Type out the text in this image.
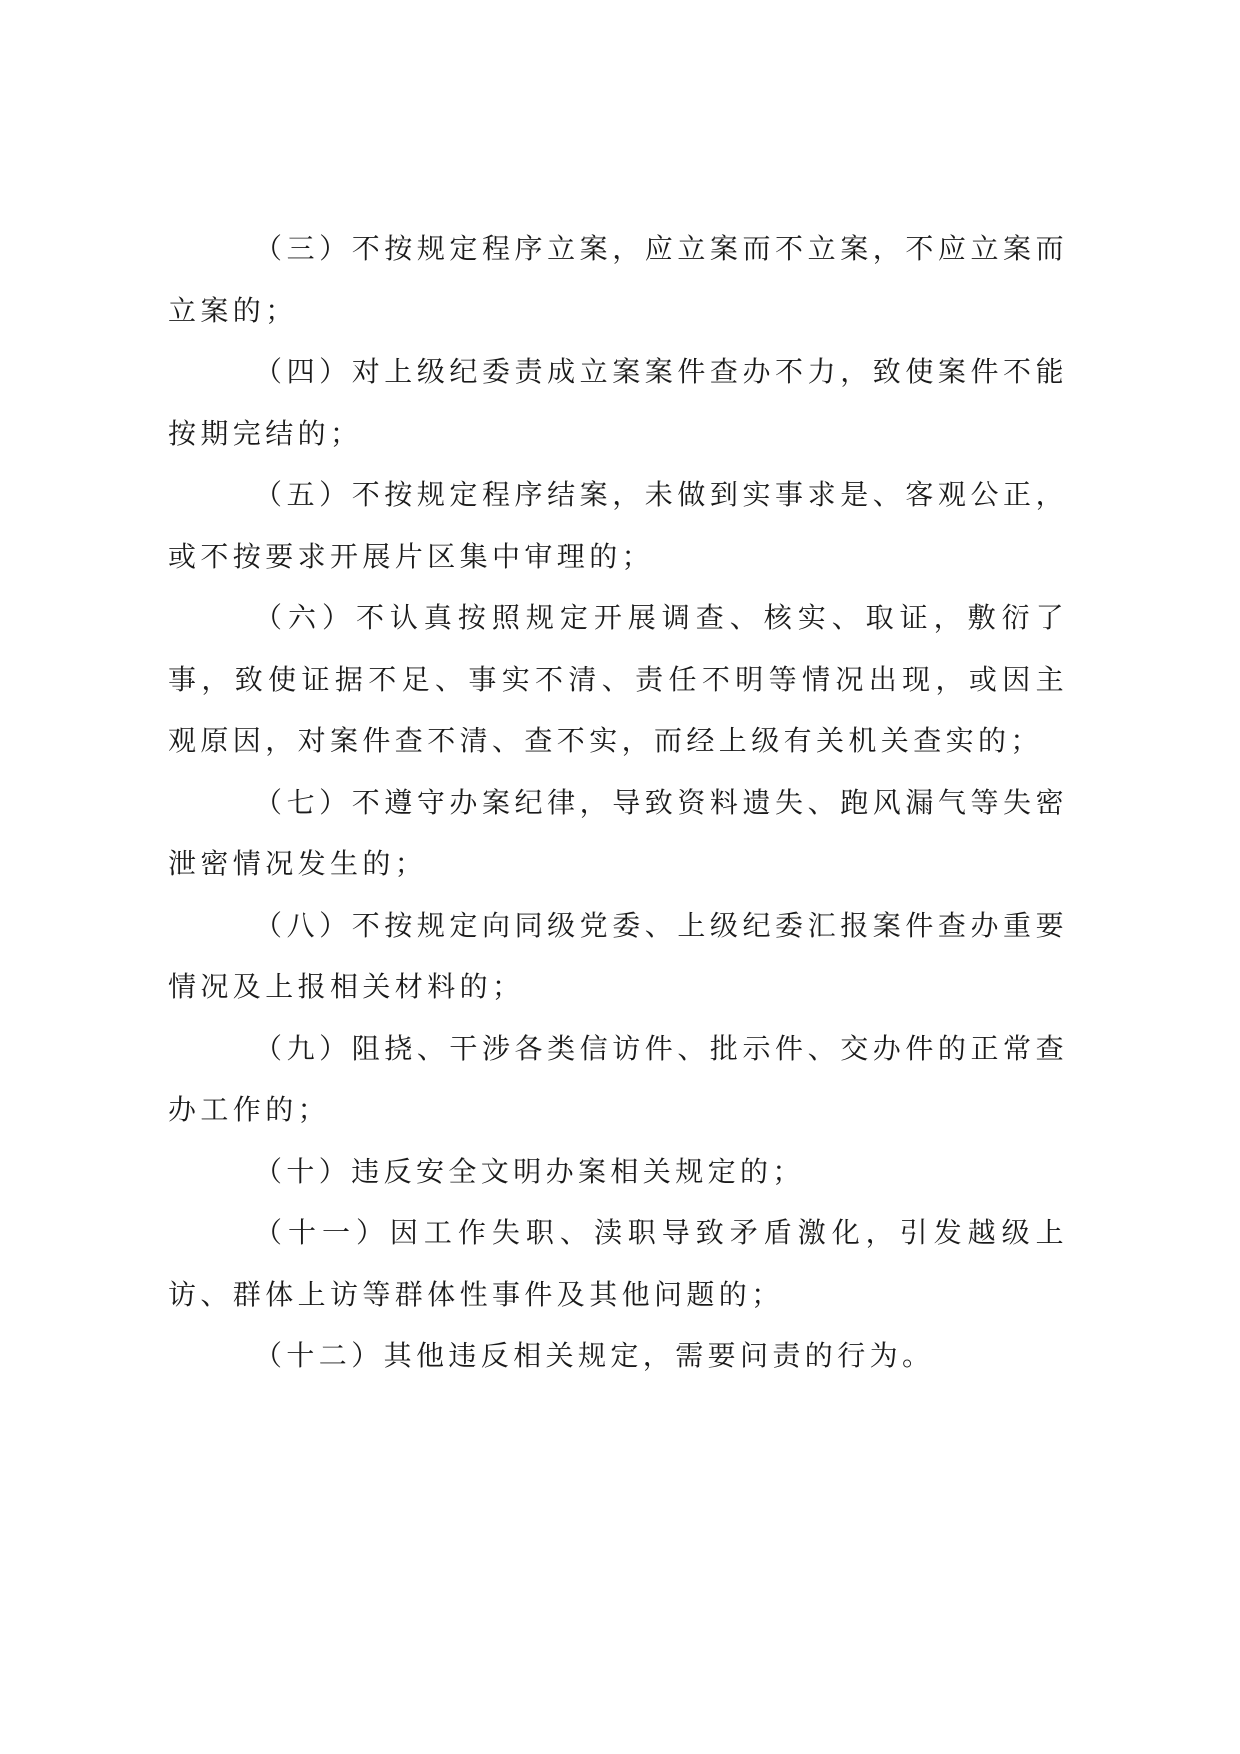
（三）不按规定程序立案，应立案而不立案，不应立案而立案的；

（四）对上级纪委责成立案案件查办不力，致使案件不能按期完结的；

（五）不按规定程序结案，未做到实事求是、客观公正，或不按要求开展片区集中审理的；

（六）不认真按照规定开展调查、核实、取证，敷衍了事，致使证据不足、事实不清、责任不明等情况出现，或因主观原因，对案件查不清、查不实，而经上级有关机关查实的；

（七）不遵守办案纪律，导致资料遗失、跑风漏气等失密泄密情况发生的；

（八）不按规定向同级党委、上级纪委汇报案件查办重要情况及上报相关材料的；

（九）阻挠、干涉各类信访件、批示件、交办件的正常查办工作的；

（十）违反安全文明办案相关规定的；

（十一）因工作失职、渎职导致矛盾激化，引发越级上访、群体上访等群体性事件及其他问题的；

（十二）其他违反相关规定，需要问责的行为。
